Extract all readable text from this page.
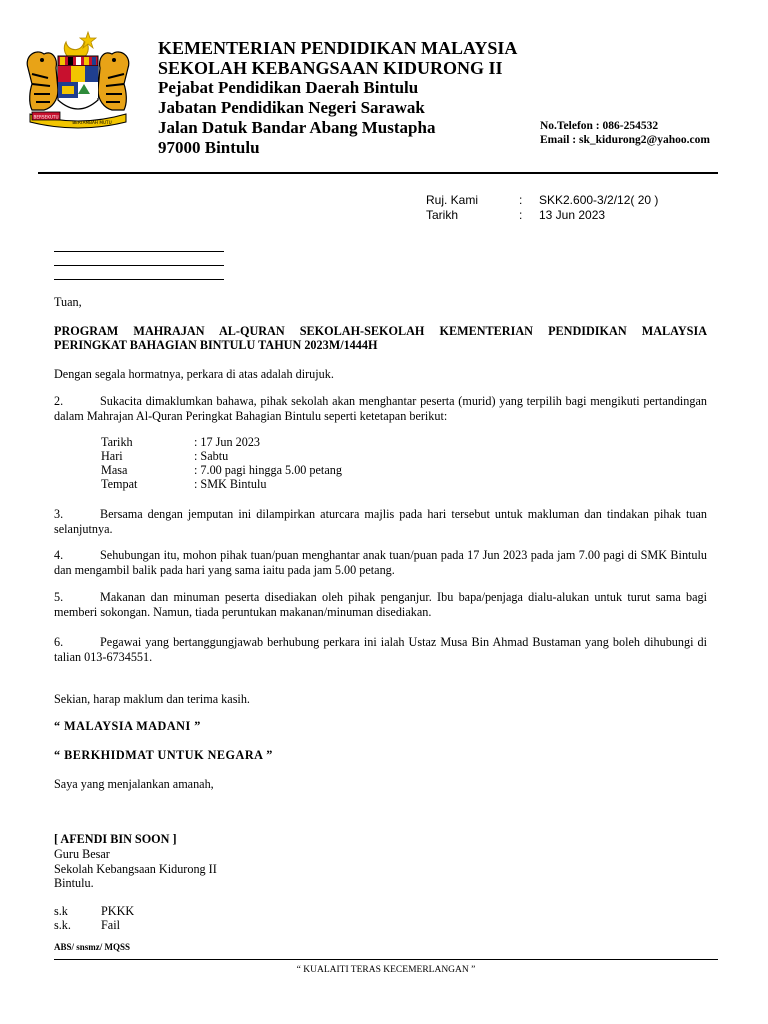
BERSEKUTU
BERTAMBAH MUTU
KEMENTERIAN PENDIDIKAN MALAYSIA
SEKOLAH KEBANGSAAN KIDURONG II
Pejabat Pendidikan Daerah Bintulu
Jabatan Pendidikan Negeri Sarawak
Jalan Datuk Bandar Abang Mustapha
97000 Bintulu
No.Telefon : 086-254532
Email : sk_kidurong2@yahoo.com
Ruj. Kami	: SKK2.600-3/2/12( 20 )
Tarikh	: 13 Jun 2023
Tuan,
PROGRAM MAHRAJAN AL-QURAN SEKOLAH-SEKOLAH KEMENTERIAN PENDIDIKAN MALAYSIA
PERINGKAT BAHAGIAN BINTULU TAHUN 2023M/1444H
Dengan segala hormatnya, perkara di atas adalah dirujuk.
2.	Sukacita dimaklumkan bahawa, pihak sekolah akan menghantar peserta (murid) yang terpilih bagi mengikuti pertandingan dalam Mahrajan Al-Quran Peringkat Bahagian Bintulu seperti ketetapan berikut:
Tarikh	: 17 Jun 2023
Hari	: Sabtu
Masa	: 7.00 pagi hingga 5.00 petang
Tempat	: SMK Bintulu
3.	Bersama dengan jemputan ini dilampirkan aturcara majlis pada hari tersebut untuk makluman dan tindakan pihak tuan selanjutnya.
4.	Sehubungan itu, mohon pihak tuan/puan menghantar anak tuan/puan pada 17 Jun 2023 pada jam 7.00 pagi di SMK Bintulu dan mengambil balik pada hari yang sama iaitu pada jam 5.00 petang.
5.	Makanan dan minuman peserta disediakan oleh pihak penganjur. Ibu bapa/penjaga dialu-alukan untuk turut sama bagi memberi sokongan. Namun, tiada peruntukan makanan/minuman disediakan.
6.	Pegawai yang bertanggungjawab berhubung perkara ini ialah Ustaz Musa Bin Ahmad Bustaman yang boleh dihubungi di talian 013-6734551.
Sekian, harap maklum dan terima kasih.
“ MALAYSIA MADANI ”
“ BERKHIDMAT UNTUK NEGARA ”
Saya yang menjalankan amanah,
[ AFENDI BIN SOON ]
Guru Besar
Sekolah Kebangsaan Kidurong II
Bintulu.
s.k	PKKK
s.k. Fail
ABS/ snsmz/ MQSS
“ KUALAITI TERAS KECEMERLANGAN ”
